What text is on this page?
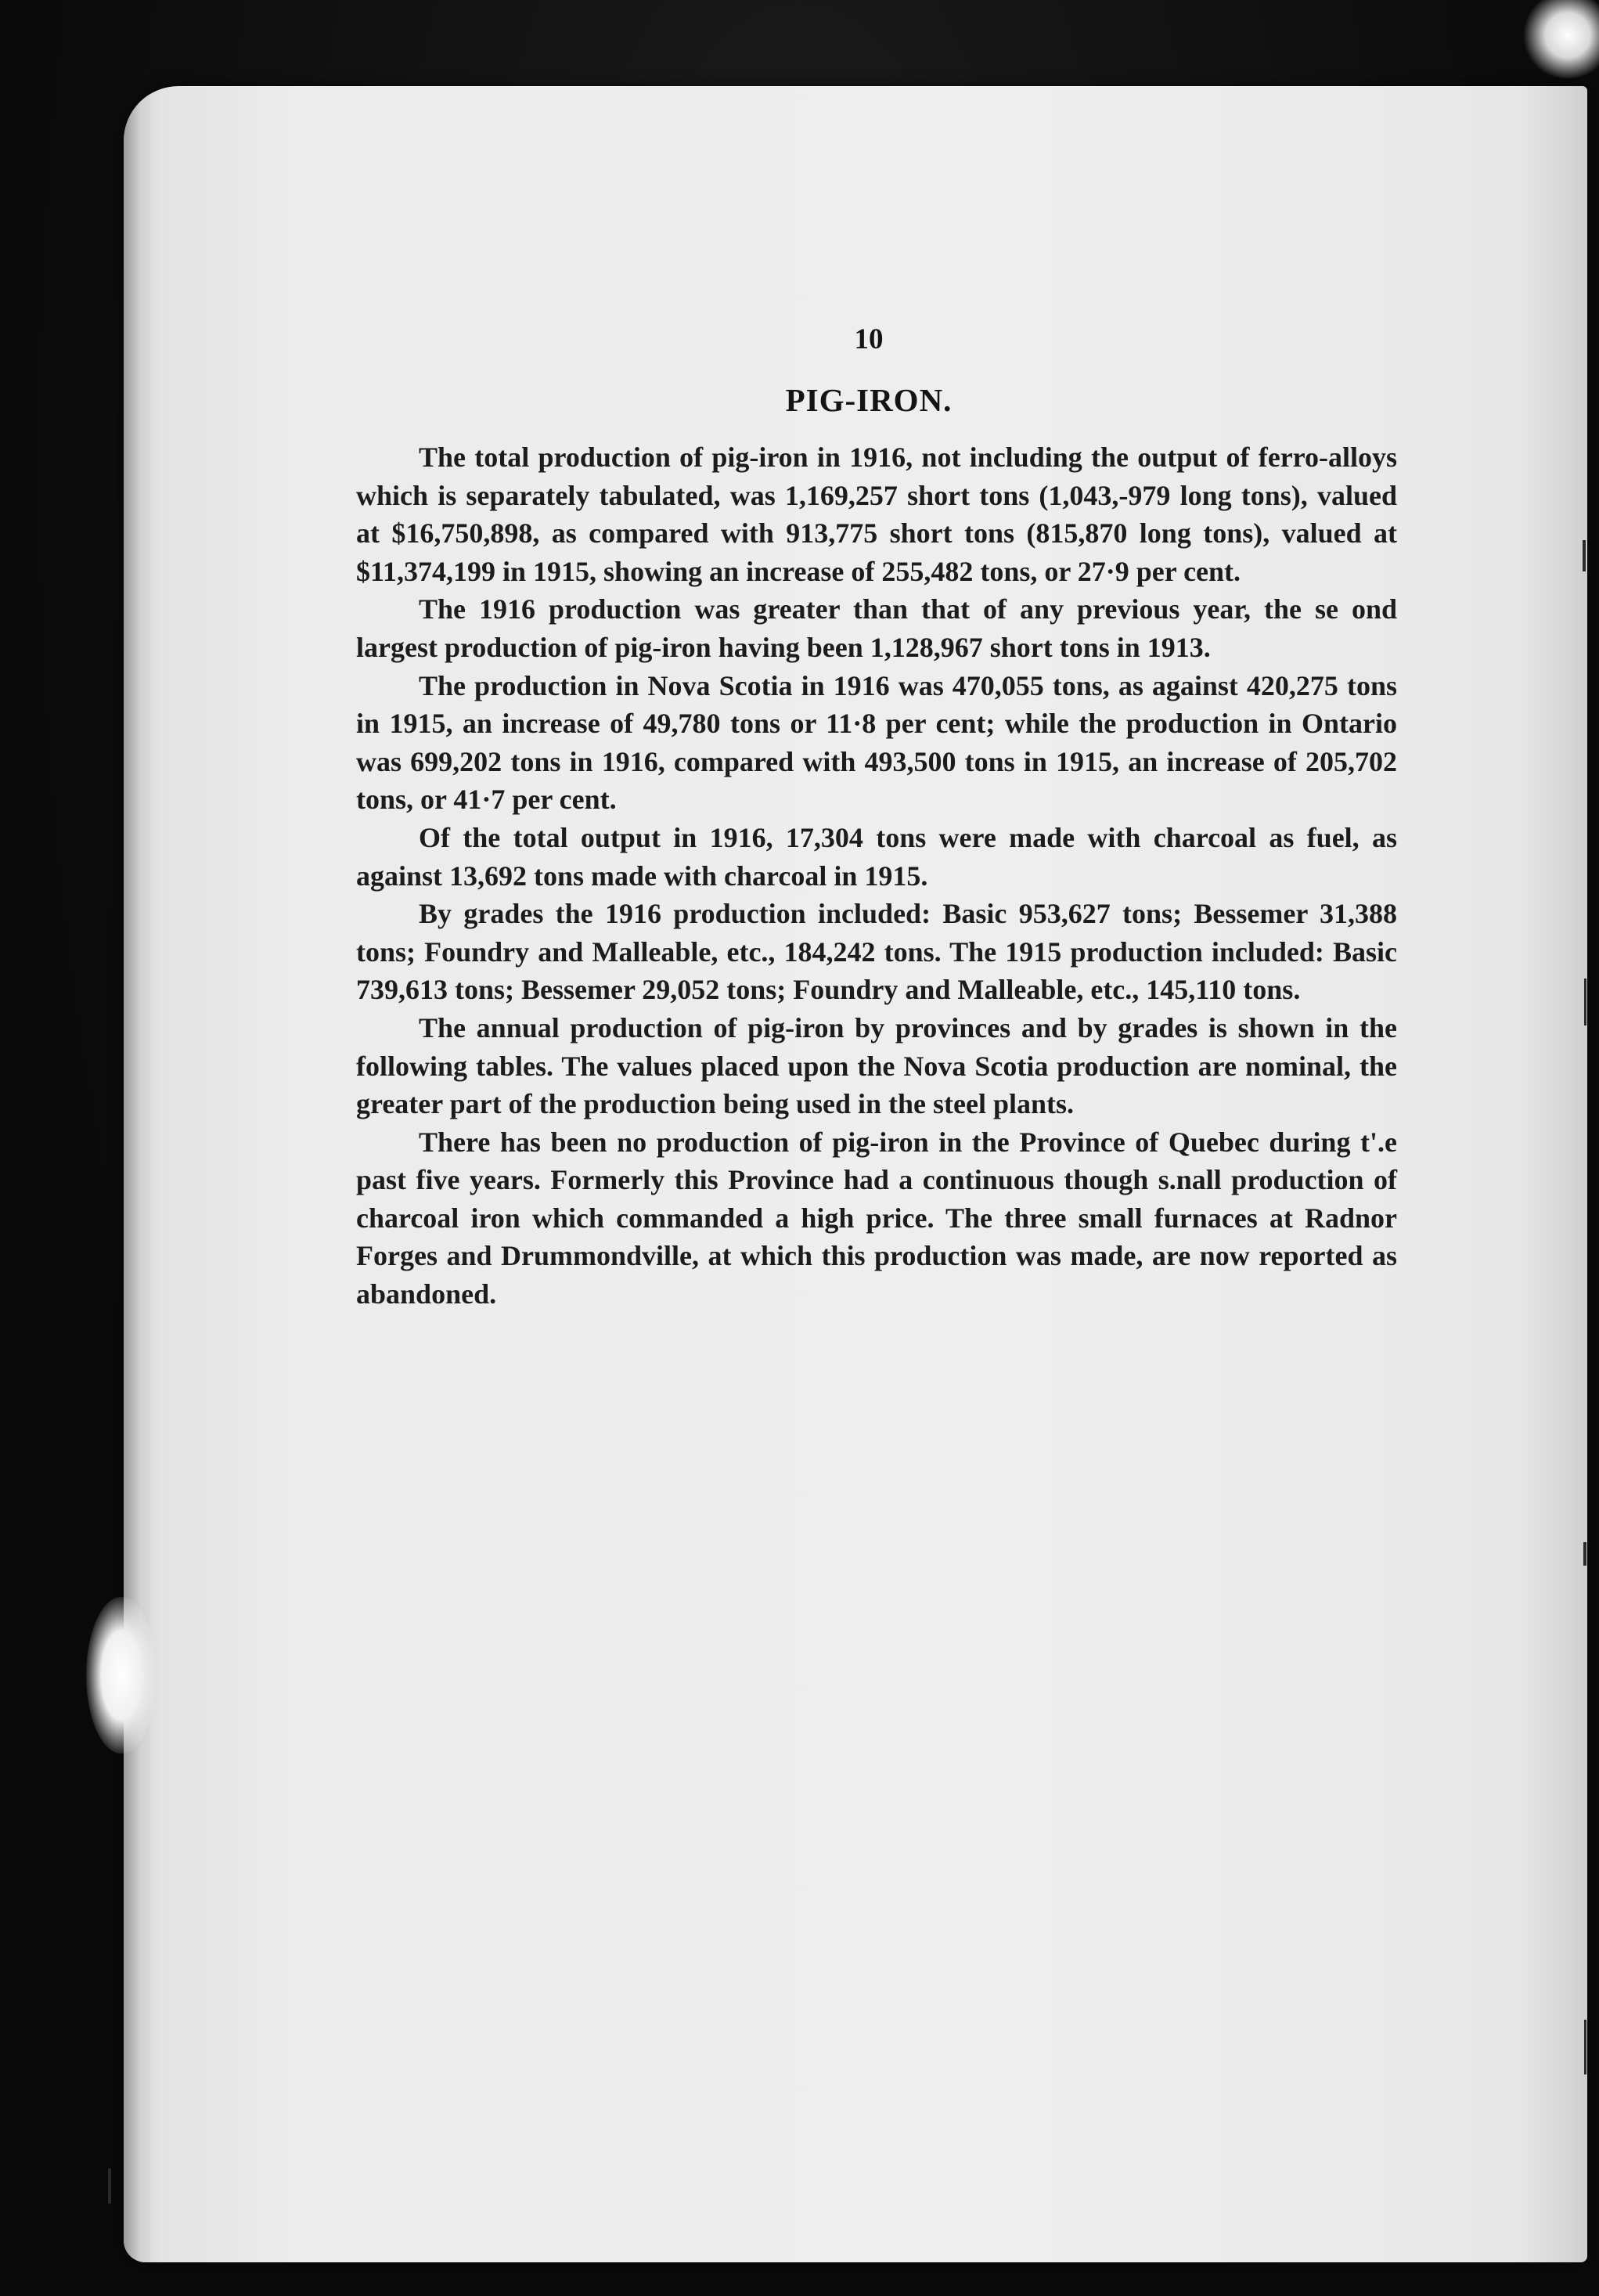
10
PIG-IRON.

The total production of pig-iron in 1916, not including the output of ferro-alloys which is separately tabulated, was 1,169,257 short tons (1,043,-979 long tons), valued at $16,750,898, as compared with 913,775 short tons (815,870 long tons), valued at $11,374,199 in 1915, showing an increase of 255,482 tons, or 27·9 per cent.

The 1916 production was greater than that of any previous year, the se ond largest production of pig-iron having been 1,128,967 short tons in 1913.

The production in Nova Scotia in 1916 was 470,055 tons, as against 420,275 tons in 1915, an increase of 49,780 tons or 11·8 per cent; while the production in Ontario was 699,202 tons in 1916, compared with 493,500 tons in 1915, an increase of 205,702 tons, or 41·7 per cent.

Of the total output in 1916, 17,304 tons were made with charcoal as fuel, as against 13,692 tons made with charcoal in 1915.

By grades the 1916 production included: Basic 953,627 tons; Bessemer 31,388 tons; Foundry and Malleable, etc., 184,242 tons. The 1915 production included: Basic 739,613 tons; Bessemer 29,052 tons; Foundry and Malleable, etc., 145,110 tons.

The annual production of pig-iron by provinces and by grades is shown in the following tables. The values placed upon the Nova Scotia production are nominal, the greater part of the production being used in the steel plants.

There has been no production of pig-iron in the Province of Quebec during t'.e past five years. Formerly this Province had a continuous though s.nall production of charcoal iron which commanded a high price. The three small furnaces at Radnor Forges and Drummondville, at which this production was made, are now reported as abandoned.
